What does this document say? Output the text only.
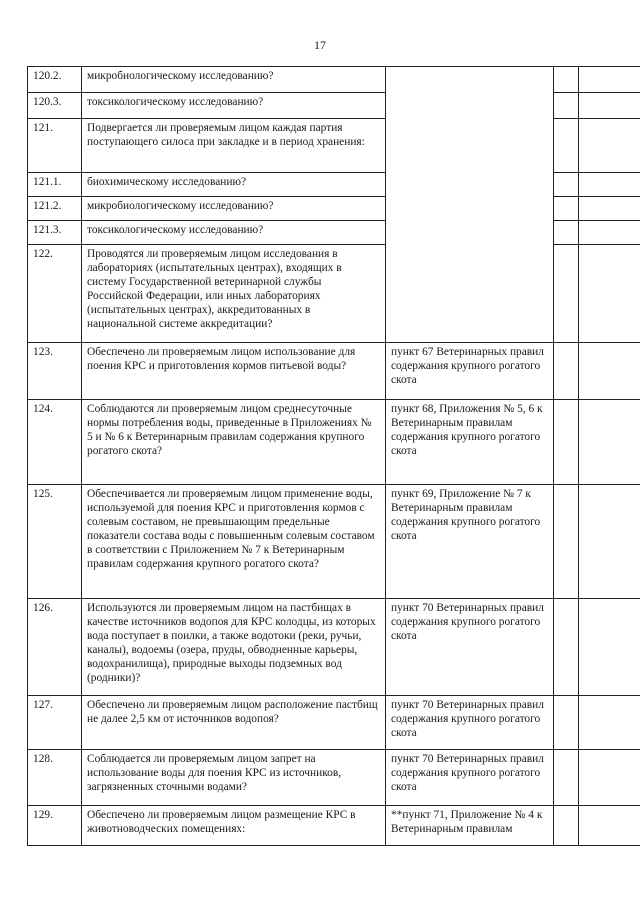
17
120.2.	микробиологическому исследованию?			
120.3.	токсикологическому исследованию?			
121.	Подвергается ли проверяемым лицом каждая партия поступающего силоса при закладке и в период хранения:			
121.1.	биохимическому исследованию?			
121.2.	микробиологическому исследованию?			
121.3.	токсикологическому исследованию?			
122.	Проводятся ли проверяемым лицом исследования в лабораториях (испытательных центрах), входящих в систему Государственной ветеринарной службы Российской Федерации, или иных лабораториях (испытательных центрах), аккредитованных в национальной системе аккредитации?			
123.	Обеспечено ли проверяемым лицом использование для поения КРС и приготовления кормов питьевой воды?	пункт 67 Ветеринарных правил содержания крупного рогатого скота		
124.	Соблюдаются ли проверяемым лицом среднесуточные нормы потребления воды, приведенные в Приложениях № 5 и № 6 к Ветеринарным правилам содержания крупного рогатого скота?	пункт 68, Приложения № 5, 6 к Ветеринарным правилам содержания крупного рогатого скота		
125.	Обеспечивается ли проверяемым лицом применение воды, используемой для поения КРС и приготовления кормов с солевым составом, не превышающим предельные показатели состава воды с повышенным солевым составом в соответствии с Приложением № 7 к Ветеринарным правилам содержания крупного рогатого скота?	пункт 69, Приложение № 7 к Ветеринарным правилам содержания крупного рогатого скота		
126.	Используются ли проверяемым лицом на пастбищах в качестве источников водопоя для КРС колодцы, из которых вода поступает в поилки, а также водотоки (реки, ручьи, каналы), водоемы (озера, пруды, обводненные карьеры, водохранилища), природные выходы подземных вод (родники)?	пункт 70 Ветеринарных правил содержания крупного рогатого скота		
127.	Обеспечено ли проверяемым лицом расположение пастбищ не далее 2,5 км от источников водопоя?	пункт 70 Ветеринарных правил содержания крупного рогатого скота		
128.	Соблюдается ли проверяемым лицом запрет на использование воды для поения КРС из источников, загрязненных сточными водами?	пункт 70 Ветеринарных правил содержания крупного рогатого скота		
129.	Обеспечено ли проверяемым лицом размещение КРС в животноводческих помещениях:	**пункт 71, Приложение № 4 к Ветеринарным правилам		
